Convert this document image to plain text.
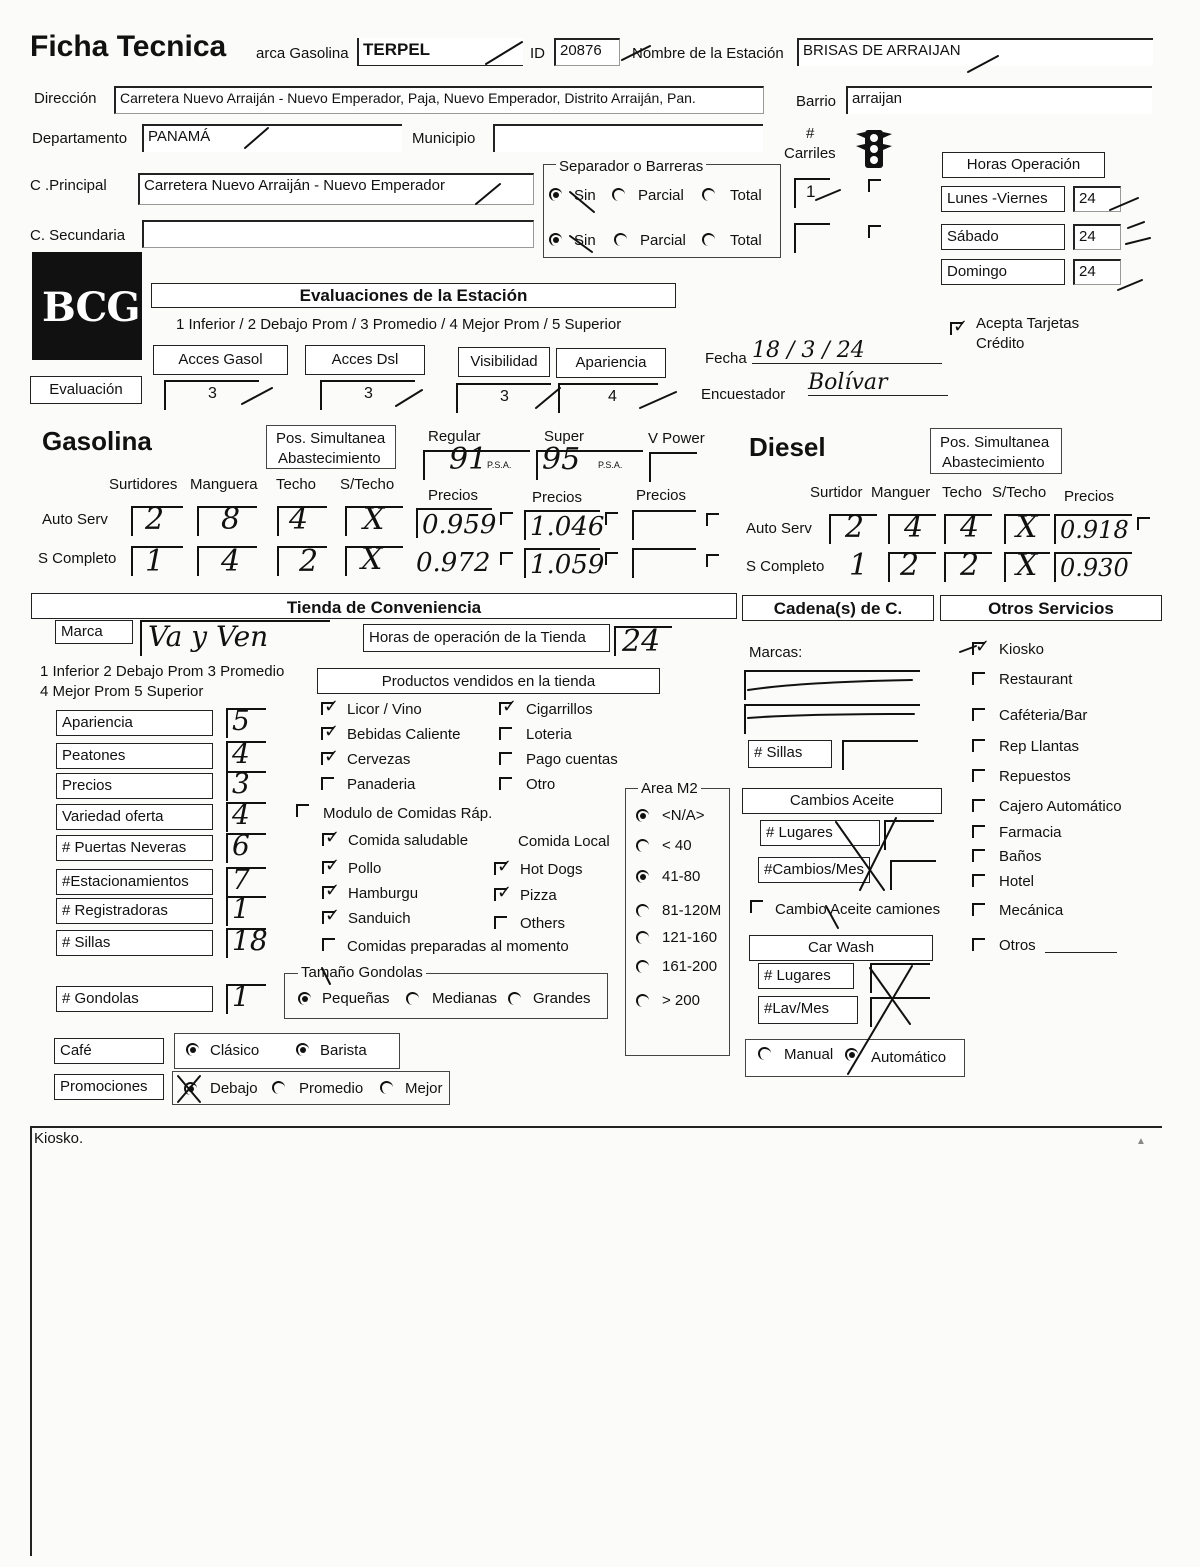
Ficha Tecnica arca Gasolina TERPEL	ID	20876	Nombre de la Estación	BRISAS DE ARRAIJAN
Dirección	Carretera Nuevo Arraiján - Nuevo Emperador, Paja, Nuevo Emperador, Distrito Arraiján, Pan.	Barrio	arraijan
Departamento	PANAMÁ	Municipio	#
Carriles
C .Principal	Carretera Nuevo Arraiján - Nuevo Emperador
C. Secundaria
Separador o Barreras
Sin	Parcial	Total
Sin	Parcial	Total
1
Horas Operación
Lunes -Viernes	24
Sábado	24
Domingo	24
✓
Acepta Tarjetas
Crédito
BCG	Evaluaciones de la Estación
1 Inferior / 2 Debajo Prom / 3 Promedio / 4 Mejor Prom / 5 Superior
Evaluación
Acces Gasol
3
Acces Dsl
3
Visibilidad
3
Apariencia
4
Fecha 18 / 3 / 24
Encuestador Bolívar
Gasolina	Pos. Simultanea
Abastecimiento
Regular	Super	V Power
91 P.S.A. 95 P.S.A.
Surtidores Manguera Techo S/Techo
Precios	Precios	Precios
Auto Serv 2 8 4 X 0.959 1.046
S Completo 1 4 2 X 0.972 1.059
Diesel	Pos. Simultanea
Abastecimiento
Surtidor Manguer Techo S/Techo Precios
Auto Serv 2 4 4 X 0.918
S Completo 1 2 2 X 0.930
Tienda de Conveniencia	Cadena(s) de C.	Otros Servicios
Marca	Va y Ven	Horas de operación de la Tienda	24
1 Inferior 2 Debajo Prom 3 Promedio
4 Mejor Prom 5 Superior
Apariencia	5
Peatones	4
Precios	3
Variedad oferta	4
# Puertas Neveras	6
#Estacionamientos	7
# Registradoras	1
# Sillas	18
# Gondolas	1
Productos vendidos en la tienda
✓
Licor / Vino
✓
Bebidas Caliente
✓
Cervezas
Panaderia
✓
Cigarrillos
Loteria
Pago cuentas
Otro
Modulo de Comidas Ráp.
Comida Local
✓
Comida saludable
✓
Pollo
✓
Hamburgu
✓
Sanduich
✓
Hot Dogs
✓
Pizza
Others
Comidas preparadas al momento
Tamaño Gondolas
Pequeñas	Medianas Grandes
Café	Clásico	Barista
Promociones	Debajo	Promedio	Mejor
Area M2
<N/A>
< 40
41-80
81-120M
121-160
161-200
> 200
Marcas:
# Sillas
Cambios Aceite
# Lugares
#Cambios/Mes
Cambio Aceite camiones
Car Wash
# Lugares
#Lav/Mes
Manual	Automático
✓
Kiosko
Restaurant
Caféteria/Bar
Rep Llantas
Repuestos
Cajero Automático
Farmacia
Baños
Hotel
Mecánica
Otros
Kiosko.	▲
